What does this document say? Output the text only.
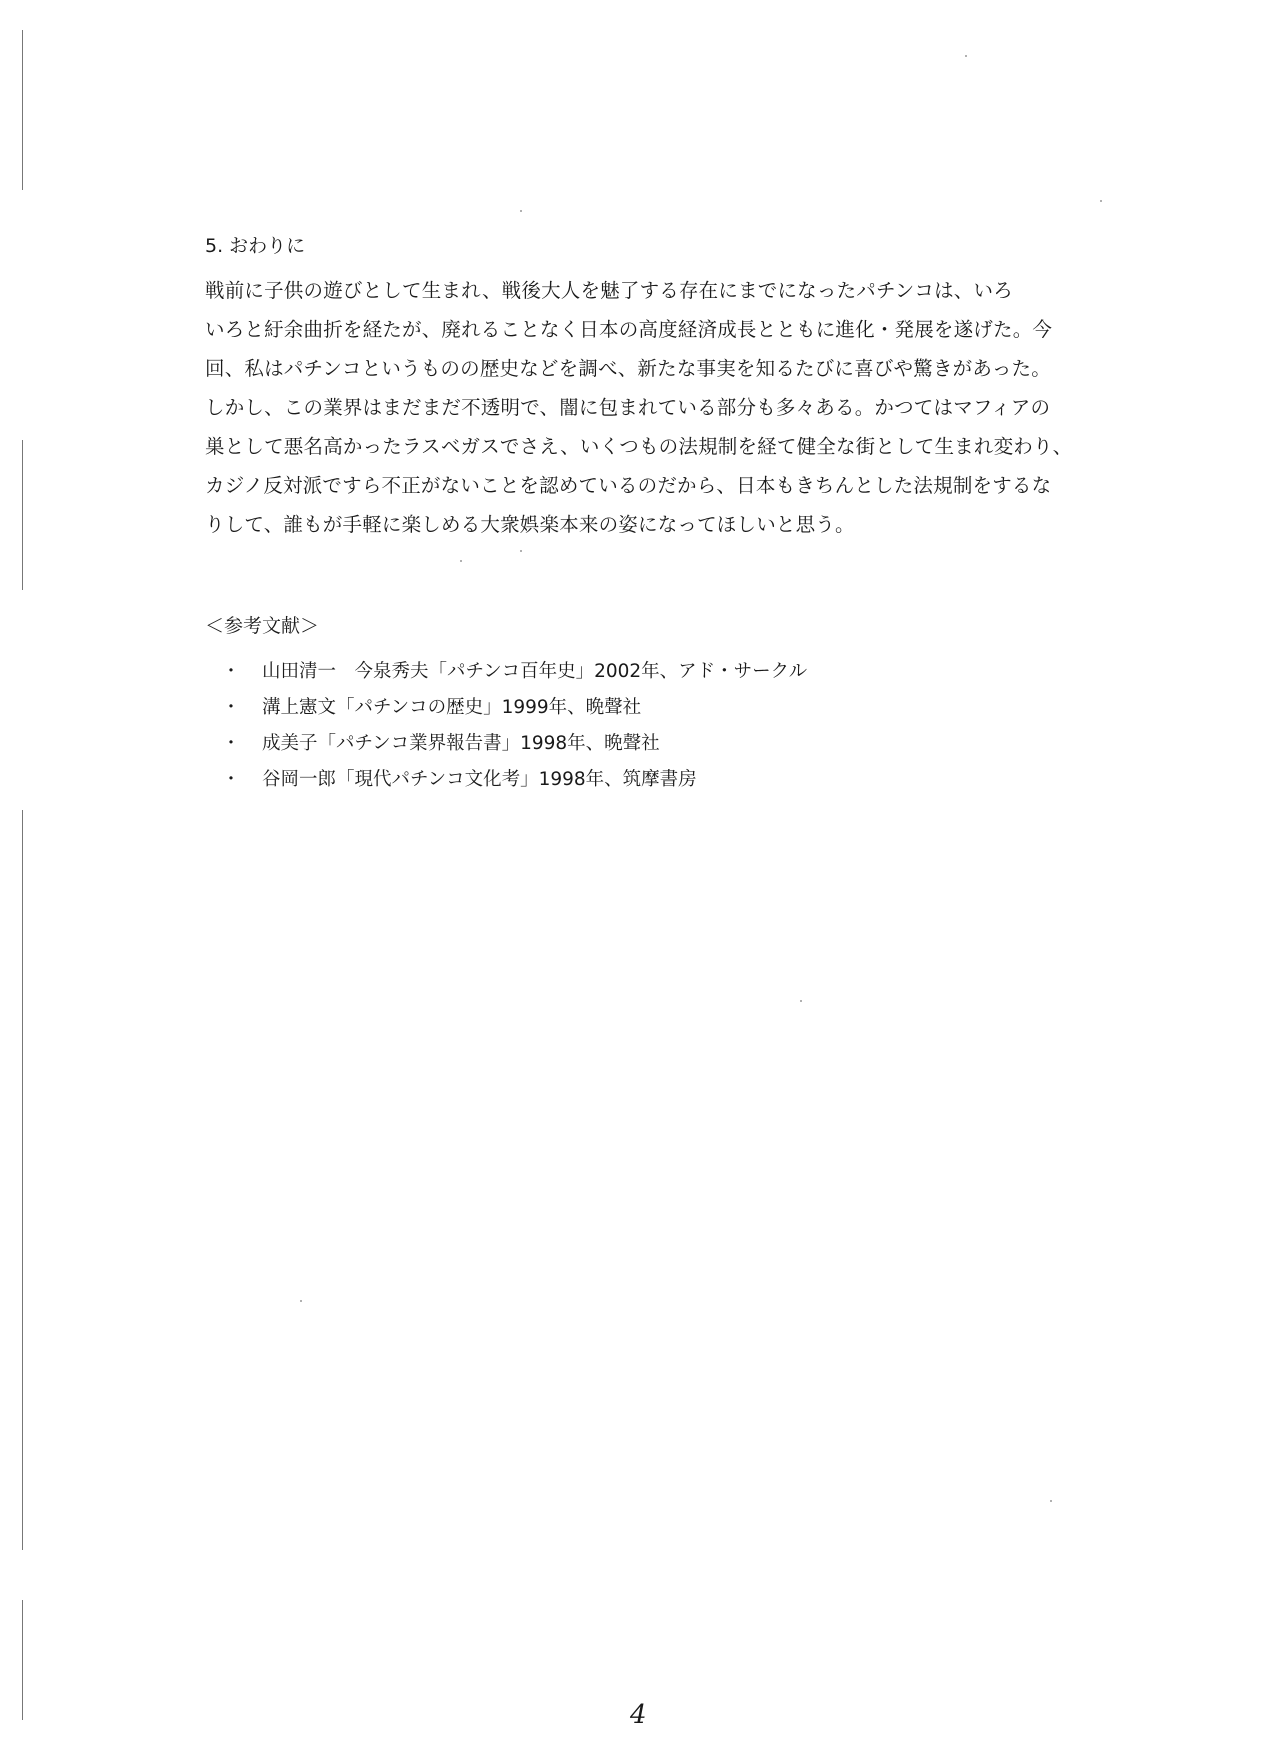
5. おわりに
戦前に子供の遊びとして生まれ、戦後大人を魅了する存在にまでになったパチンコは、いろ
いろと紆余曲折を経たが、廃れることなく日本の高度経済成長とともに進化・発展を遂げた。今
回、私はパチンコというものの歴史などを調べ、新たな事実を知るたびに喜びや驚きがあった。
しかし、この業界はまだまだ不透明で、闇に包まれている部分も多々ある。かつてはマフィアの
巣として悪名高かったラスベガスでさえ、いくつもの法規制を経て健全な街として生まれ変わり、
カジノ反対派ですら不正がないことを認めているのだから、日本もきちんとした法規制をするな
りして、誰もが手軽に楽しめる大衆娯楽本来の姿になってほしいと思う。
＜参考文献＞
・	山田清一　今泉秀夫「パチンコ百年史」2002年、アド・サークル
・	溝上憲文「パチンコの歴史」1999年、晩聲社
・	成美子「パチンコ業界報告書」1998年、晩聲社
・	谷岡一郎「現代パチンコ文化考」1998年、筑摩書房
4
